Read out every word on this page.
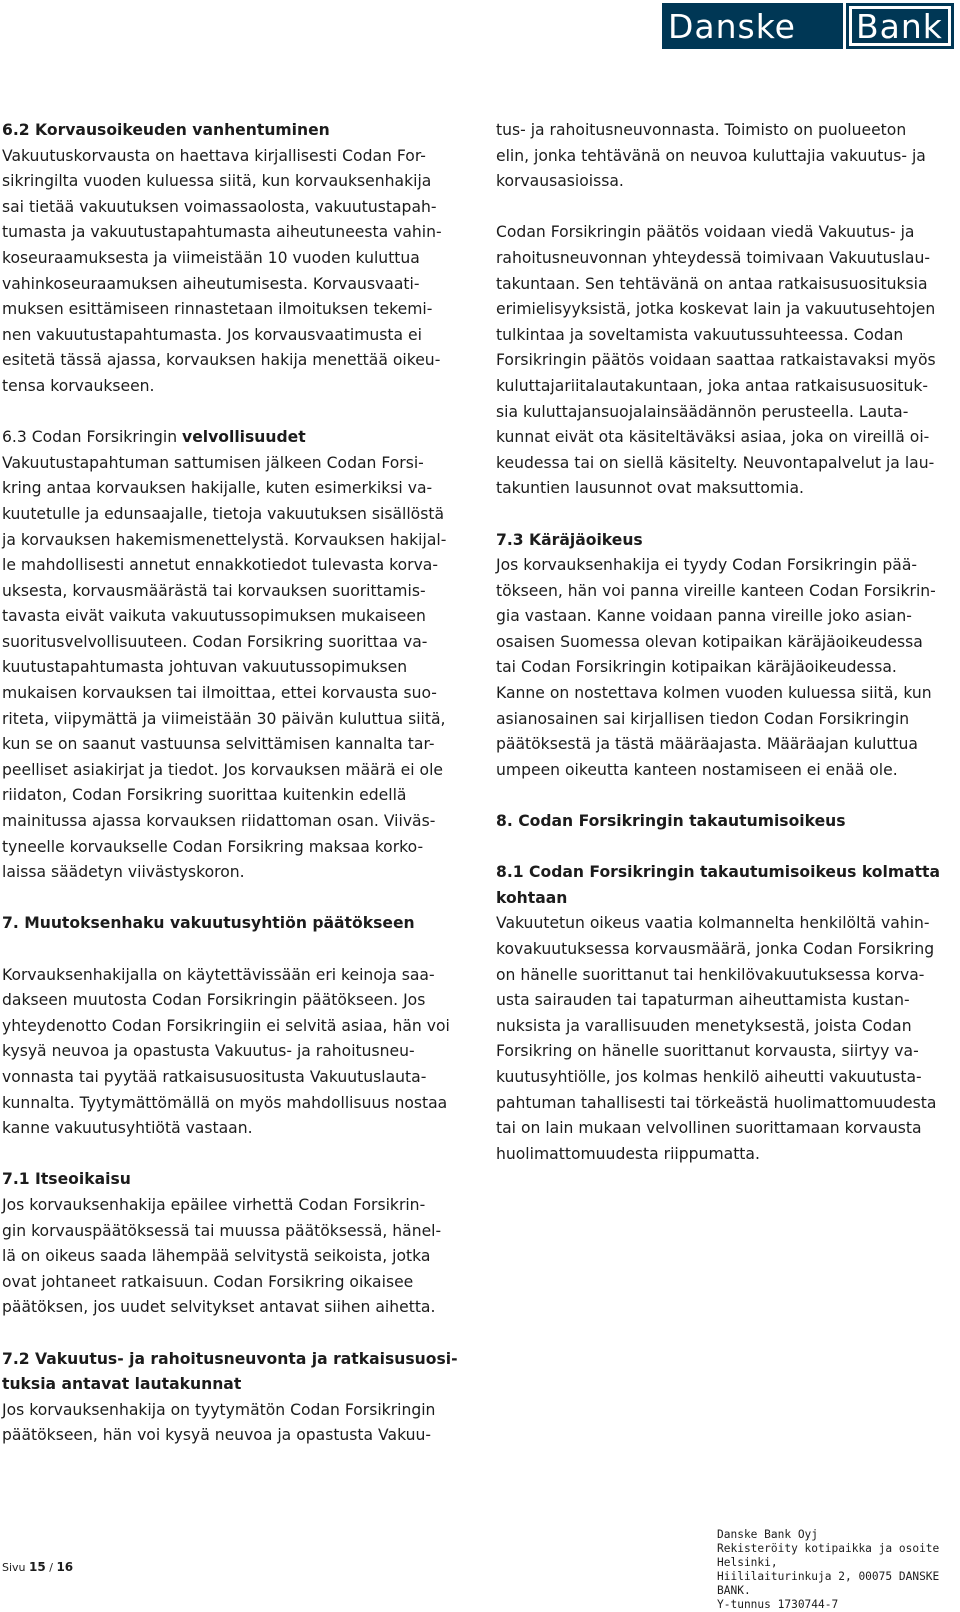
Danske	Bank
6.2 Korvausoikeuden vanhentuminen

Vakuutuskorvausta on haettava kirjallisesti Codan For-
sikringilta vuoden kuluessa siitä, kun korvauksenhakija
sai tietää vakuutuksen voimassaolosta, vakuutustapah-
tumasta ja vakuutustapahtumasta aiheutuneesta vahin-
koseuraamuksesta ja viimeistään 10 vuoden kuluttua
vahinkoseuraamuksen aiheutumisesta. Korvausvaati-
muksen esittämiseen rinnastetaan ilmoituksen tekemi-
nen vakuutustapahtumasta. Jos korvausvaatimusta ei
esitetä tässä ajassa, korvauksen hakija menettää oikeu-
tensa korvaukseen.

6.3 Codan Forsikringin velvollisuudet

Vakuutustapahtuman sattumisen jälkeen Codan Forsi-
kring antaa korvauksen hakijalle, kuten esimerkiksi va-
kuutetulle ja edunsaajalle, tietoja vakuutuksen sisällöstä
ja korvauksen hakemismenettelystä. Korvauksen hakijal-
le mahdollisesti annetut ennakkotiedot tulevasta korva-
uksesta, korvausmäärästä tai korvauksen suorittamis-
tavasta eivät vaikuta vakuutussopimuksen mukaiseen
suoritusvelvollisuuteen. Codan Forsikring suorittaa va-
kuutustapahtumasta johtuvan vakuutussopimuksen
mukaisen korvauksen tai ilmoittaa, ettei korvausta suo-
riteta, viipymättä ja viimeistään 30 päivän kuluttua siitä,
kun se on saanut vastuunsa selvittämisen kannalta tar-
peelliset asiakirjat ja tiedot. Jos korvauksen määrä ei ole
riidaton, Codan Forsikring suorittaa kuitenkin edellä
mainitussa ajassa korvauksen riidattoman osan. Viiväs-
tyneelle korvaukselle Codan Forsikring maksaa korko-
laissa säädetyn viivästyskoron.

7. Muutoksenhaku vakuutusyhtiön päätökseen

Korvauksenhakijalla on käytettävissään eri keinoja saa-
dakseen muutosta Codan Forsikringin päätökseen. Jos
yhteydenotto Codan Forsikringiin ei selvitä asiaa, hän voi
kysyä neuvoa ja opastusta Vakuutus- ja rahoitusneu-
vonnasta tai pyytää ratkaisusuositusta Vakuutuslauta-
kunnalta. Tyytymättömällä on myös mahdollisuus nostaa
kanne vakuutusyhtiötä vastaan.

7.1 Itseoikaisu

Jos korvauksenhakija epäilee virhettä Codan Forsikrin-
gin korvauspäätöksessä tai muussa päätöksessä, hänel-
lä on oikeus saada lähempää selvitystä seikoista, jotka
ovat johtaneet ratkaisuun. Codan Forsikring oikaisee
päätöksen, jos uudet selvitykset antavat siihen aihetta.

7.2 Vakuutus- ja rahoitusneuvonta ja ratkaisusuosi-
tuksia antavat lautakunnat

Jos korvauksenhakija on tyytymätön Codan Forsikringin
päätökseen, hän voi kysyä neuvoa ja opastusta Vakuu-

tus- ja rahoitusneuvonnasta. Toimisto on puolueeton
elin, jonka tehtävänä on neuvoa kuluttajia vakuutus- ja
korvausasioissa.

Codan Forsikringin päätös voidaan viedä Vakuutus- ja
rahoitusneuvonnan yhteydessä toimivaan Vakuutuslau-
takuntaan. Sen tehtävänä on antaa ratkaisusuosituksia
erimielisyyksistä, jotka koskevat lain ja vakuutusehtojen
tulkintaa ja soveltamista vakuutussuhteessa. Codan
Forsikringin päätös voidaan saattaa ratkaistavaksi myös
kuluttajariitalautakuntaan, joka antaa ratkaisusuosituk-
sia kuluttajansuojalainsäädännön perusteella. Lauta-
kunnat eivät ota käsiteltäväksi asiaa, joka on vireillä oi-
keudessa tai on siellä käsitelty. Neuvontapalvelut ja lau-
takuntien lausunnot ovat maksuttomia.

7.3 Käräjäoikeus

Jos korvauksenhakija ei tyydy Codan Forsikringin pää-
tökseen, hän voi panna vireille kanteen Codan Forsikrin-
gia vastaan. Kanne voidaan panna vireille joko asian-
osaisen Suomessa olevan kotipaikan käräjäoikeudessa
tai Codan Forsikringin kotipaikan käräjäoikeudessa.
Kanne on nostettava kolmen vuoden kuluessa siitä, kun
asianosainen sai kirjallisen tiedon Codan Forsikringin
päätöksestä ja tästä määräajasta. Määräajan kuluttua
umpeen oikeutta kanteen nostamiseen ei enää ole.

8. Codan Forsikringin takautumisoikeus
8.1 Codan Forsikringin takautumisoikeus kolmatta
kohtaan

Vakuutetun oikeus vaatia kolmannelta henkilöltä vahin-
kovakuutuksessa korvausmäärä, jonka Codan Forsikring
on hänelle suorittanut tai henkilövakuutuksessa korva-
usta sairauden tai tapaturman aiheuttamista kustan-
nuksista ja varallisuuden menetyksestä, joista Codan
Forsikring on hänelle suorittanut korvausta, siirtyy va-
kuutusyhtiölle, jos kolmas henkilö aiheutti vakuutusta-
pahtuman tahallisesti tai törkeästä huolimattomuudesta
tai on lain mukaan velvollinen suorittamaan korvausta
huolimattomuudesta riippumatta.

Sivu 15 / 16
Danske Bank Oyj
Rekisteröity kotipaikka ja osoite Helsinki,
Hiililaiturinkuja 2, 00075 DANSKE BANK.
Y-tunnus 1730744-7
